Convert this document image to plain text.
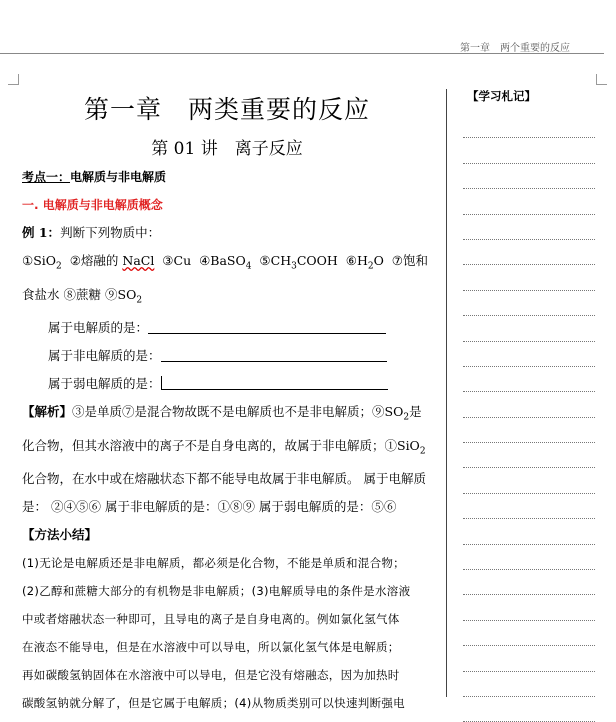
第一章　两个重要的反应
第一章　两类重要的反应
第 01 讲　离子反应
考点一：电解质与非电解质
一. 电解质与非电解质概念
例 1：判断下列物质中：
①SiO$_2$ ②熔融的 NaCl ③Cu ④BaSO$_4$ $⑤CH_3COOH$ $⑥H_2O$ ⑦饱和
食盐水 ⑧蔗糖 $⑨SO_2$
属于电解质的是：
属于非电解质的是：
属于弱电解质的是：
【解析】③是单质⑦是混合物故既不是电解质也不是非电解质；$⑨SO_2$是
化合物，但其水溶液中的离子不是自身电离的，故属于非电解质；①SiO$_2$
化合物，在水中或在熔融状态下都不能导电故属于非电解质。 属于电解质
是： ②④⑤⑥ 属于非电解质的是：①⑧⑨ 属于弱电解质的是：⑤⑥
【方法小结】
(1)无论是电解质还是非电解质，都必须是化合物，不能是单质和混合物；
(2)乙醇和蔗糖大部分的有机物是非电解质；(3)电解质导电的条件是水溶液
中或者熔融状态一种即可，且导电的离子是自身电离的。例如氯化氢气体
在液态不能导电，但是在水溶液中可以导电，所以氯化氢气体是电解质；
再如碳酸氢钠固体在水溶液中可以导电，但是它没有熔融态，因为加热时
碳酸氢钠就分解了，但是它属于电解质；(4)从物质类别可以快速判断强电
【学习札记】
